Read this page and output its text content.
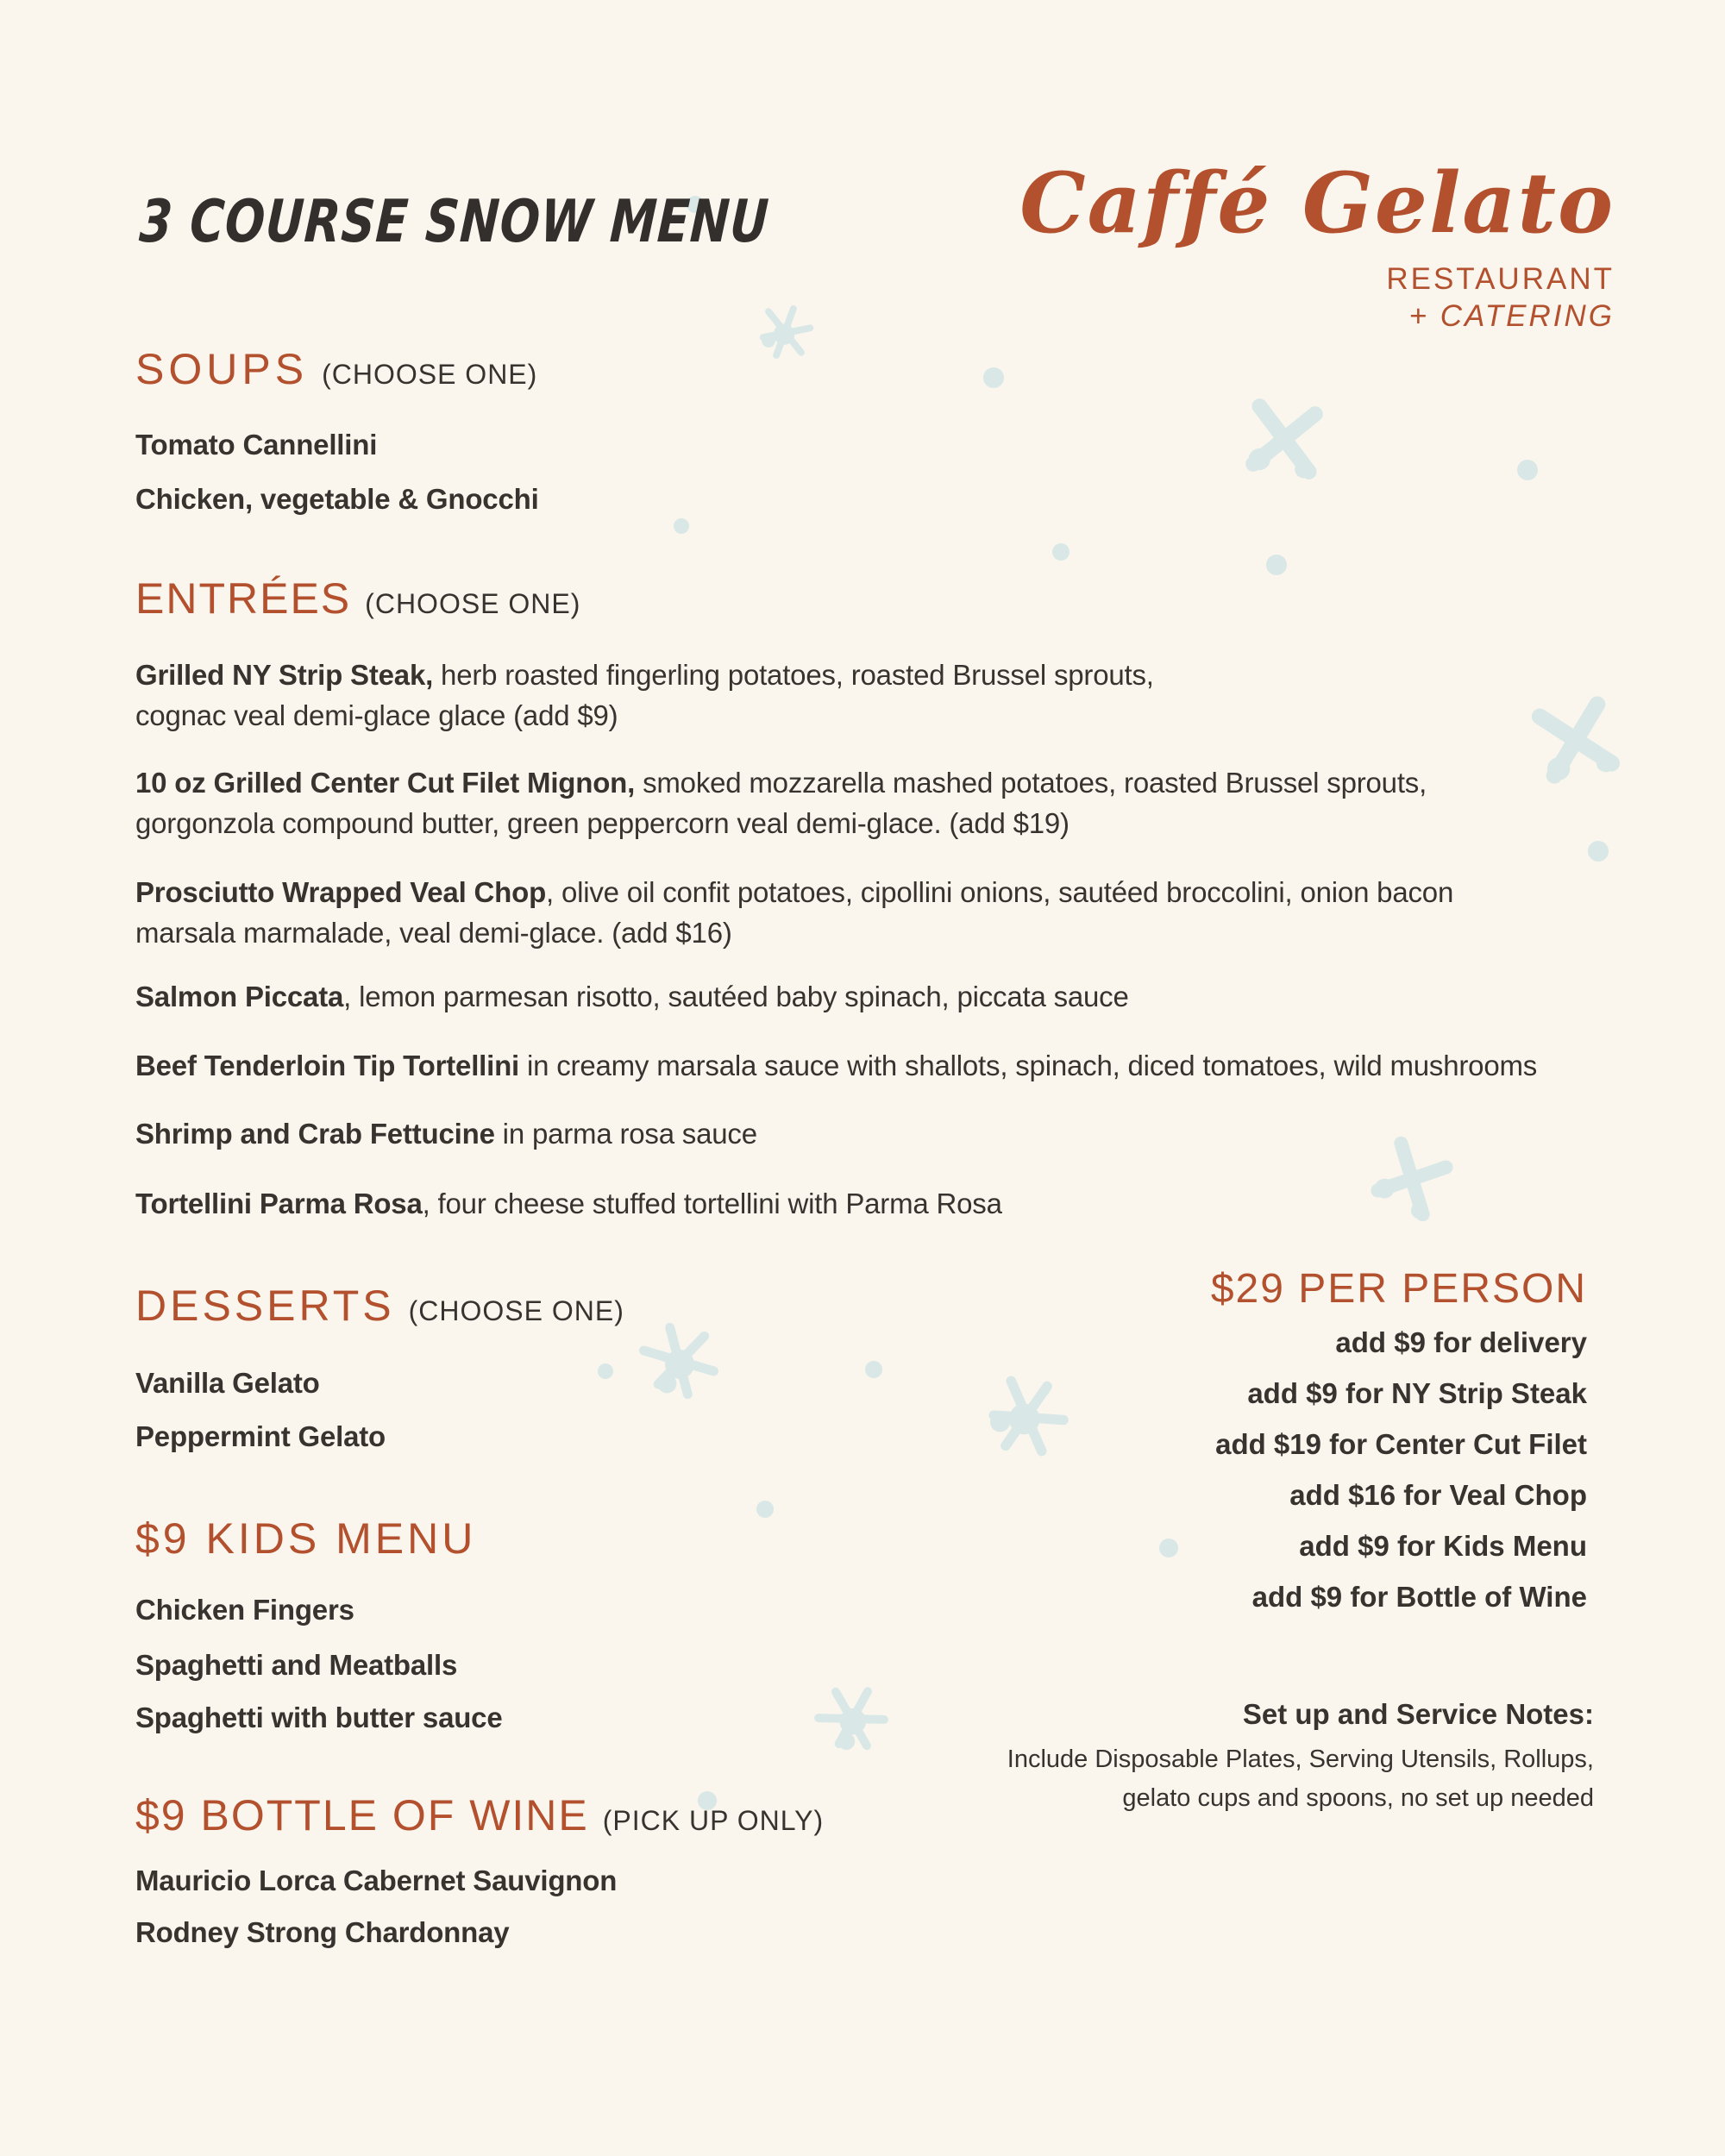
3 COURSE SNOW MENU	Caffé Gelato
RESTAURANT
+ CATERING
SOUPS (CHOOSE ONE)

Tomato Cannellini

Chicken, vegetable & Gnocchi

ENTRÉES (CHOOSE ONE)

Grilled NY Strip Steak, herb roasted fingerling potatoes, roasted Brussel sprouts,
cognac veal demi-glace glace (add $9)

10 oz Grilled Center Cut Filet Mignon, smoked mozzarella mashed potatoes, roasted Brussel sprouts,
gorgonzola compound butter, green peppercorn veal demi-glace. (add $19)

Prosciutto Wrapped Veal Chop, olive oil confit potatoes, cipollini onions, sautéed broccolini, onion bacon
marsala marmalade, veal demi-glace. (add $16)

Salmon Piccata, lemon parmesan risotto, sautéed baby spinach, piccata sauce

Beef Tenderloin Tip Tortellini in creamy marsala sauce with shallots, spinach, diced tomatoes, wild mushrooms

Shrimp and Crab Fettucine in parma rosa sauce

Tortellini Parma Rosa, four cheese stuffed tortellini with Parma Rosa

DESSERTS (CHOOSE ONE)

Vanilla Gelato

Peppermint Gelato

$9 KIDS MENU

Chicken Fingers

Spaghetti and Meatballs

Spaghetti with butter sauce

$9 BOTTLE OF WINE (PICK UP ONLY)

Mauricio Lorca Cabernet Sauvignon

Rodney Strong Chardonnay

$29 PER PERSON
add $9 for delivery
add $9 for NY Strip Steak
add $19 for Center Cut Filet
add $16 for Veal Chop
add $9 for Kids Menu
add $9 for Bottle of Wine

Set up and Service Notes:

Include Disposable Plates, Serving Utensils, Rollups,

gelato cups and spoons, no set up needed
